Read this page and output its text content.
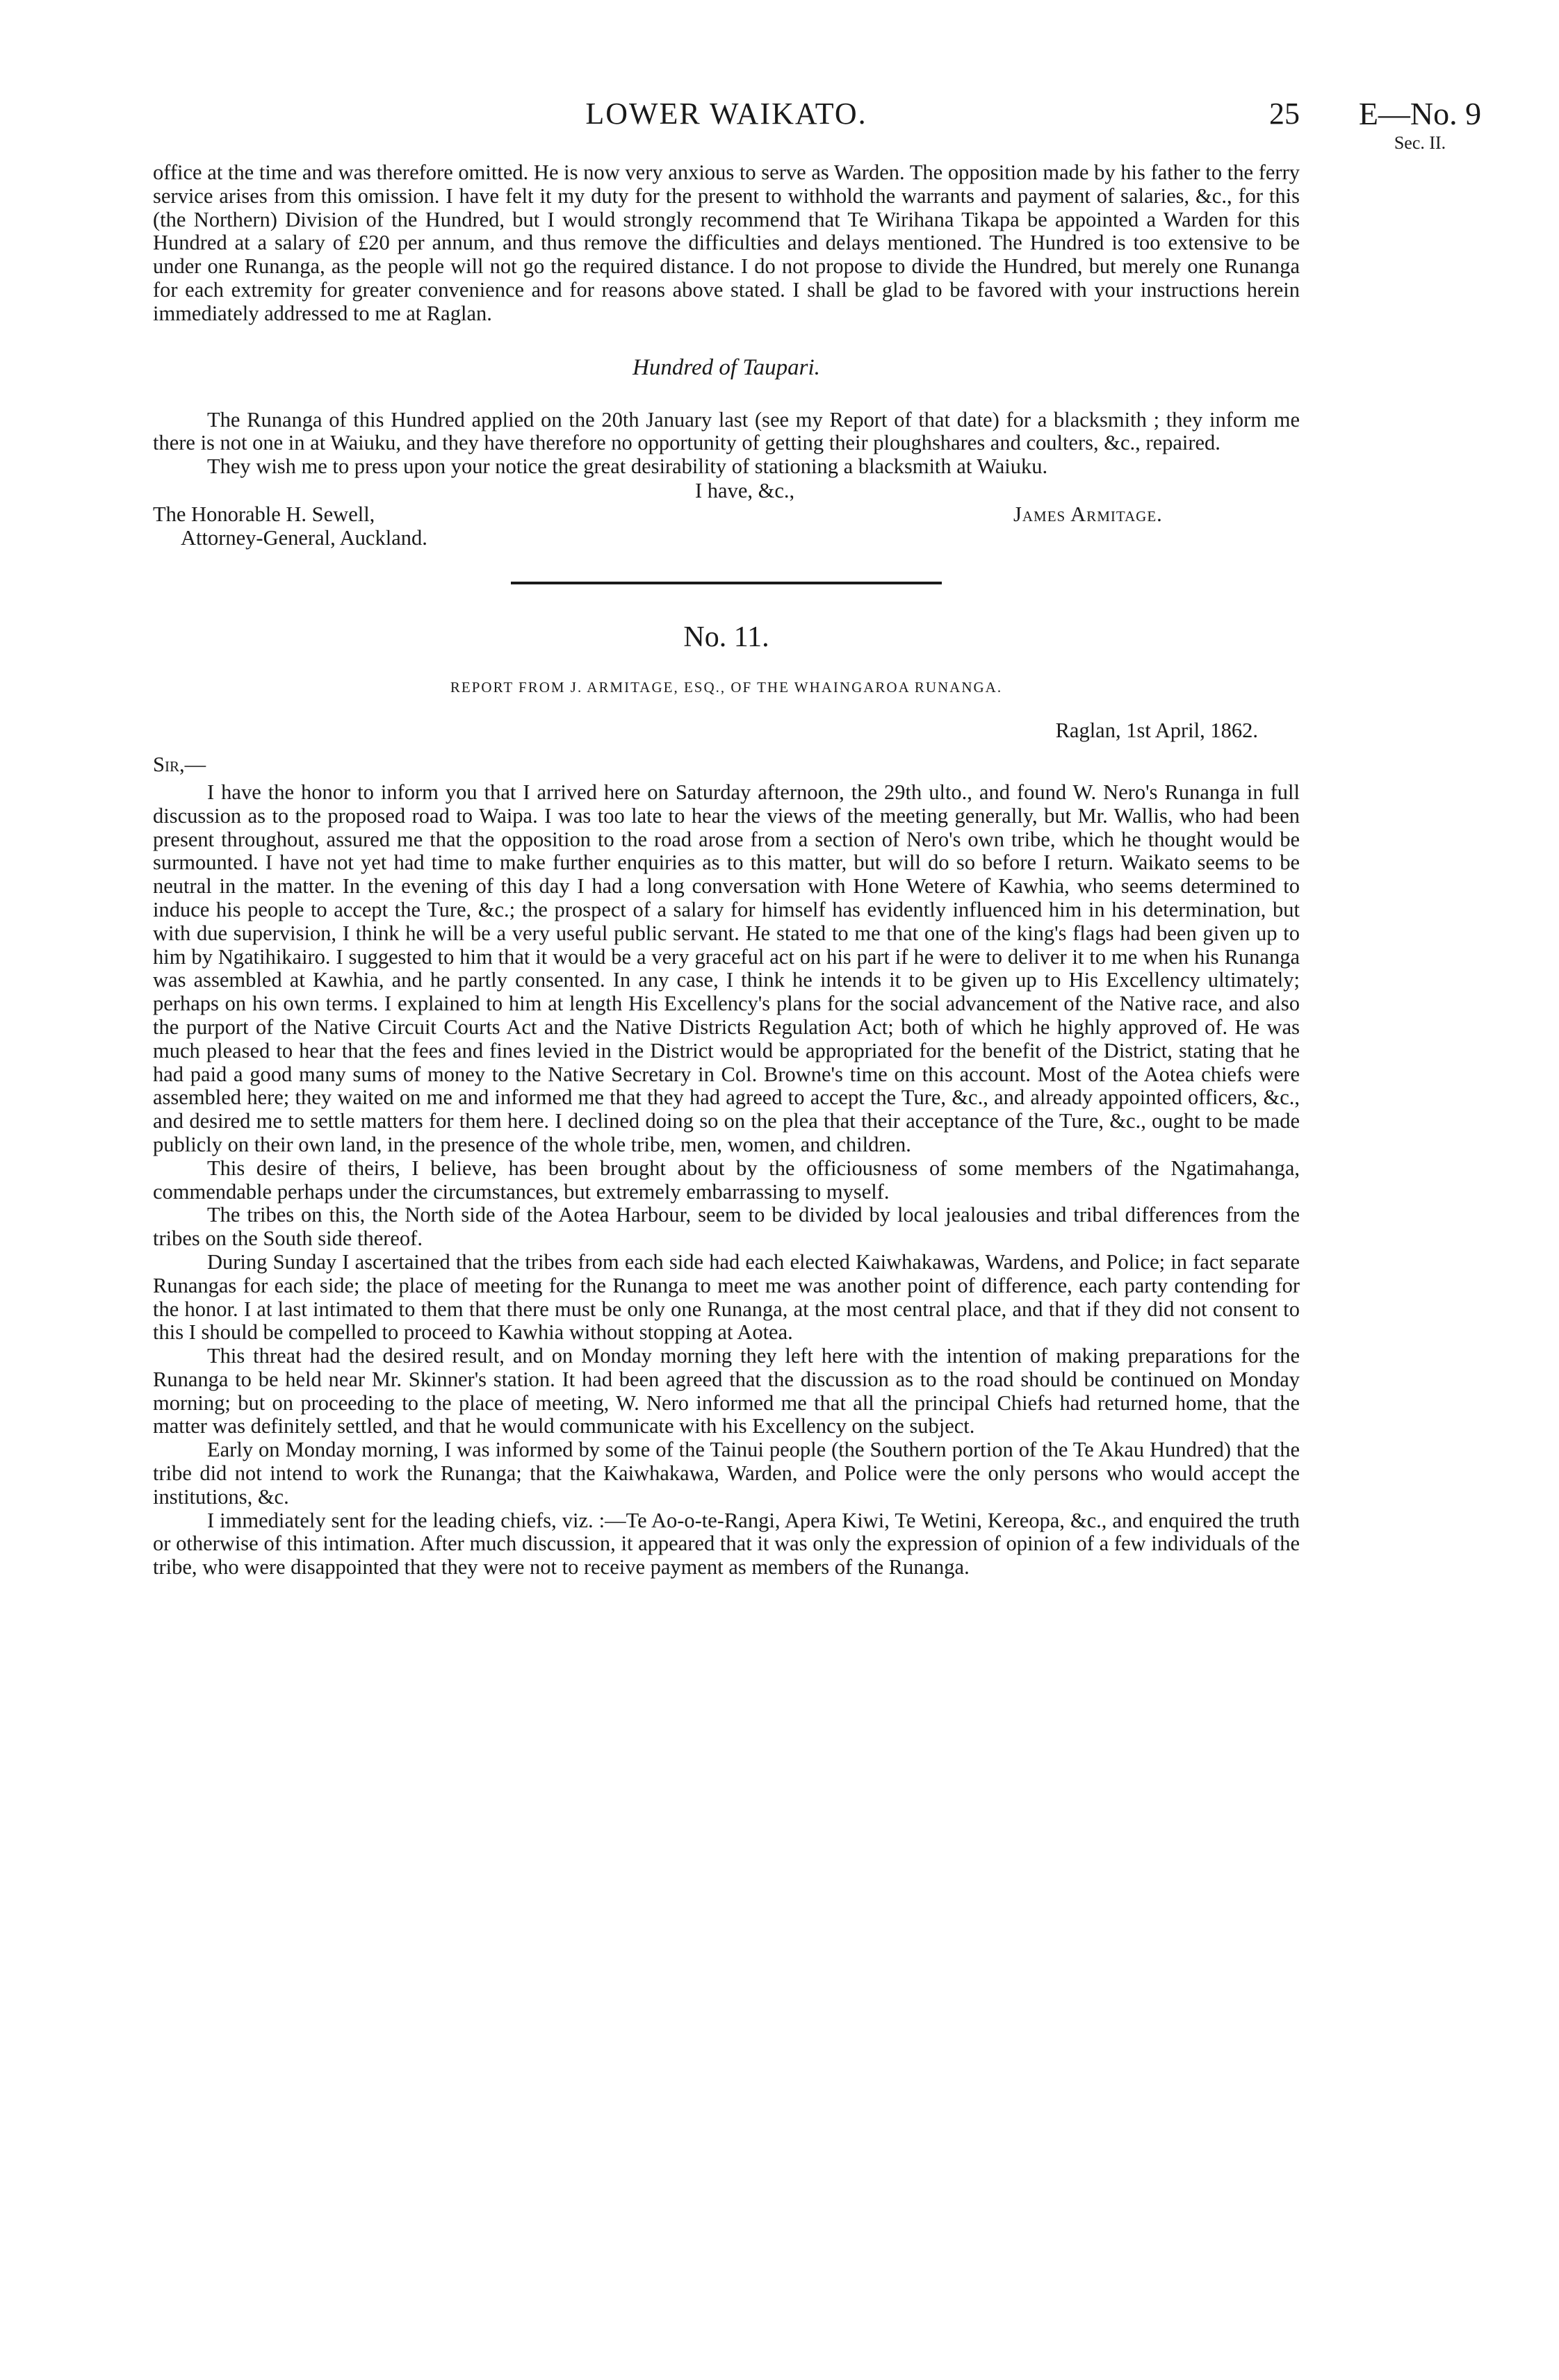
LOWER WAIKATO.	25	E—No. 9
Sec. II.

office at the time and was therefore omitted. He is now very anxious to serve as Warden. The opposition made by his father to the ferry service arises from this omission. I have felt it my duty for the present to withhold the warrants and payment of salaries, &c., for this (the Northern) Division of the Hundred, but I would strongly recommend that Te Wirihana Tikapa be appointed a Warden for this Hundred at a salary of £20 per annum, and thus remove the difficulties and delays mentioned. The Hundred is too extensive to be under one Runanga, as the people will not go the required distance. I do not propose to divide the Hundred, but merely one Runanga for each extremity for greater convenience and for reasons above stated. I shall be glad to be favored with your instructions herein immediately addressed to me at Raglan.

Hundred of Taupari.

The Runanga of this Hundred applied on the 20th January last (see my Report of that date) for a blacksmith ; they inform me there is not one in at Waiuku, and they have therefore no opportunity of getting their ploughshares and coulters, &c., repaired.

They wish me to press upon your notice the great desirability of stationing a blacksmith at Waiuku.

I have, &c.,
The Honorable H. Sewell,	James Armitage.
Attorney-General, Auckland.
No. 11.
REPORT FROM J. ARMITAGE, ESQ., OF THE WHAINGAROA RUNANGA.
Raglan, 1st April, 1862.
Sir,—

I have the honor to inform you that I arrived here on Saturday afternoon, the 29th ulto., and found W. Nero's Runanga in full discussion as to the proposed road to Waipa. I was too late to hear the views of the meeting generally, but Mr. Wallis, who had been present throughout, assured me that the opposition to the road arose from a section of Nero's own tribe, which he thought would be surmounted. I have not yet had time to make further enquiries as to this matter, but will do so before I return. Waikato seems to be neutral in the matter. In the evening of this day I had a long conversation with Hone Wetere of Kawhia, who seems determined to induce his people to accept the Ture, &c.; the prospect of a salary for himself has evidently influenced him in his determination, but with due supervision, I think he will be a very useful public servant. He stated to me that one of the king's flags had been given up to him by Ngatihikairo. I suggested to him that it would be a very graceful act on his part if he were to deliver it to me when his Runanga was assembled at Kawhia, and he partly consented. In any case, I think he intends it to be given up to His Excellency ultimately; perhaps on his own terms. I explained to him at length His Excellency's plans for the social advancement of the Native race, and also the purport of the Native Circuit Courts Act and the Native Districts Regulation Act; both of which he highly approved of. He was much pleased to hear that the fees and fines levied in the District would be appropriated for the benefit of the District, stating that he had paid a good many sums of money to the Native Secretary in Col. Browne's time on this account. Most of the Aotea chiefs were assembled here; they waited on me and informed me that they had agreed to accept the Ture, &c., and already appointed officers, &c., and desired me to settle matters for them here. I declined doing so on the plea that their acceptance of the Ture, &c., ought to be made publicly on their own land, in the presence of the whole tribe, men, women, and children.

This desire of theirs, I believe, has been brought about by the officiousness of some members of the Ngatimahanga, commendable perhaps under the circumstances, but extremely embarrassing to myself.

The tribes on this, the North side of the Aotea Harbour, seem to be divided by local jealousies and tribal differences from the tribes on the South side thereof.

During Sunday I ascertained that the tribes from each side had each elected Kaiwhakawas, Wardens, and Police; in fact separate Runangas for each side; the place of meeting for the Runanga to meet me was another point of difference, each party contending for the honor. I at last intimated to them that there must be only one Runanga, at the most central place, and that if they did not consent to this I should be compelled to proceed to Kawhia without stopping at Aotea.

This threat had the desired result, and on Monday morning they left here with the intention of making preparations for the Runanga to be held near Mr. Skinner's station. It had been agreed that the discussion as to the road should be continued on Monday morning; but on proceeding to the place of meeting, W. Nero informed me that all the principal Chiefs had returned home, that the matter was definitely settled, and that he would communicate with his Excellency on the subject.

Early on Monday morning, I was informed by some of the Tainui people (the Southern portion of the Te Akau Hundred) that the tribe did not intend to work the Runanga; that the Kaiwhakawa, Warden, and Police were the only persons who would accept the institutions, &c.

I immediately sent for the leading chiefs, viz. :—Te Ao-o-te-Rangi, Apera Kiwi, Te Wetini, Kereopa, &c., and enquired the truth or otherwise of this intimation. After much discussion, it appeared that it was only the expression of opinion of a few individuals of the tribe, who were disappointed that they were not to receive payment as members of the Runanga.
